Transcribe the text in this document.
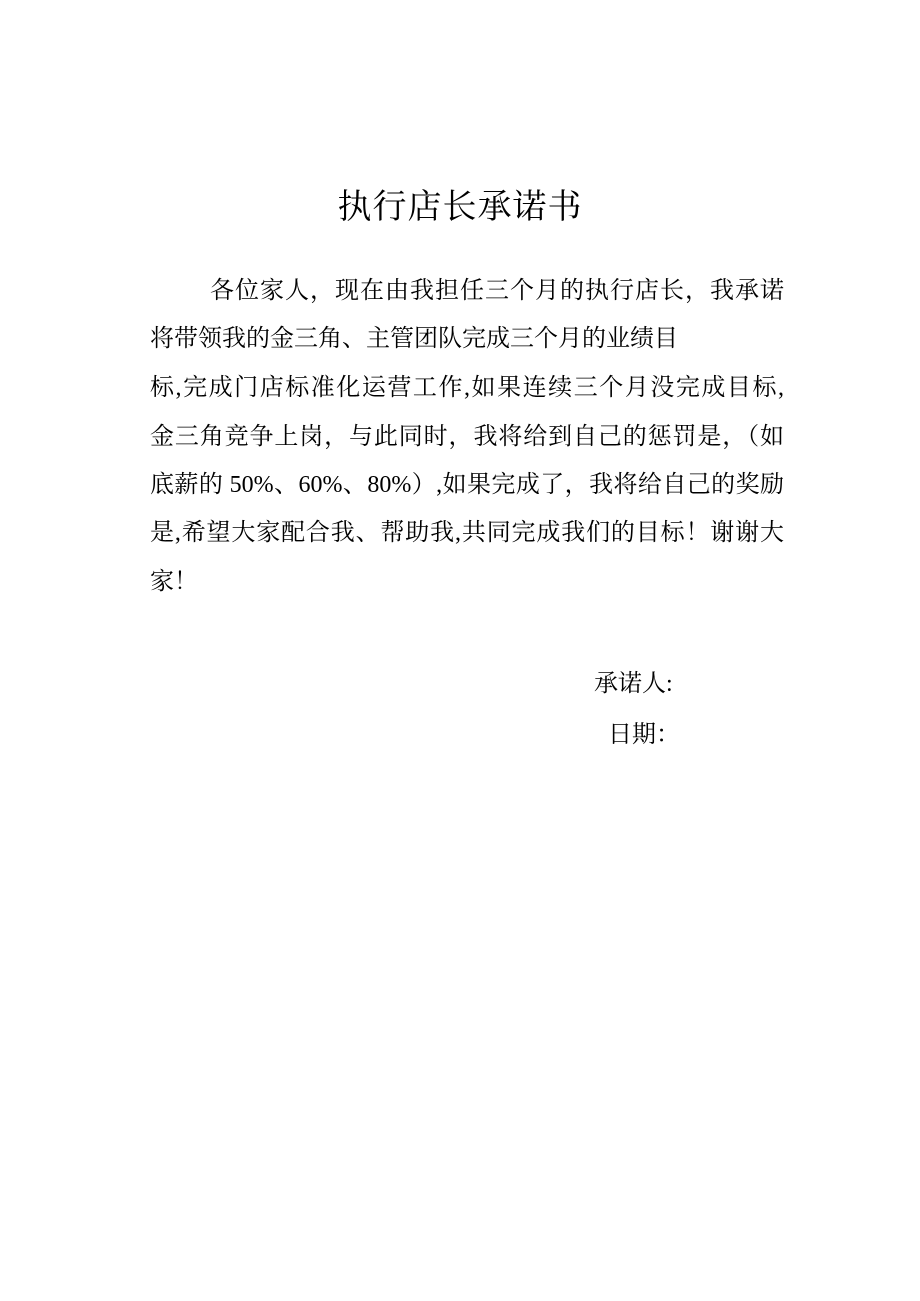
执行店长承诺书

各位家人，现在由我担任三个月的执行店长，我承诺

将带领我的金三角、主管团队完成三个月的业绩目

标,完成门店标准化运营工作,如果连续三个月没完成目标,

金三角竞争上岗，与此同时，我将给到自己的惩罚是，（如

底薪的 50%、60%、80%）,如果完成了，我将给自己的奖励

是,希望大家配合我、帮助我,共同完成我们的目标！谢谢大

家！

承诺人:

日期：
